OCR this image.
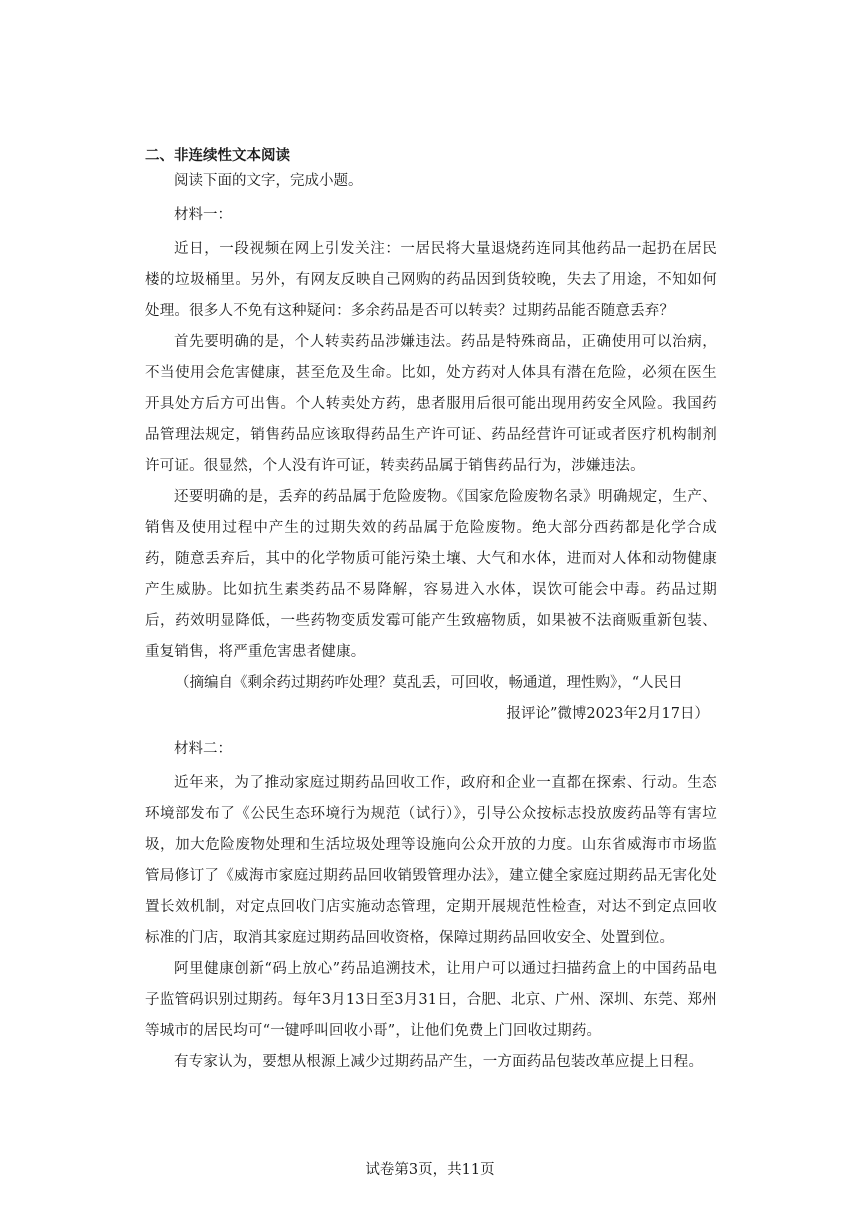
二、非连续性文本阅读

阅读下面的文字，完成小题。

材料一：

近日，一段视频在网上引发关注：一居民将大量退烧药连同其他药品一起扔在居民楼的垃圾桶里。另外，有网友反映自己网购的药品因到货较晚，失去了用途，不知如何处理。很多人不免有这种疑问：多余药品是否可以转卖？过期药品能否随意丢弃？

首先要明确的是，个人转卖药品涉嫌违法。药品是特殊商品，正确使用可以治病，不当使用会危害健康，甚至危及生命。比如，处方药对人体具有潜在危险，必须在医生开具处方后方可出售。个人转卖处方药，患者服用后很可能出现用药安全风险。我国药品管理法规定，销售药品应该取得药品生产许可证、药品经营许可证或者医疗机构制剂许可证。很显然，个人没有许可证，转卖药品属于销售药品行为，涉嫌违法。

还要明确的是，丢弃的药品属于危险废物。《国家危险废物名录》明确规定，生产、销售及使用过程中产生的过期失效的药品属于危险废物。绝大部分西药都是化学合成药，随意丢弃后，其中的化学物质可能污染土壤、大气和水体，进而对人体和动物健康产生威胁。比如抗生素类药品不易降解，容易进入水体，误饮可能会中毒。药品过期后，药效明显降低，一些药物变质发霉可能产生致癌物质，如果被不法商贩重新包装、重复销售，将严重危害患者健康。

（摘编自《剩余药过期药咋处理？莫乱丢，可回收，畅通道，理性购》，“人民日

报评论”微博2023年2月17日）

材料二：

近年来，为了推动家庭过期药品回收工作，政府和企业一直都在探索、行动。生态环境部发布了《公民生态环境行为规范（试行）》，引导公众按标志投放废药品等有害垃圾，加大危险废物处理和生活垃圾处理等设施向公众开放的力度。山东省威海市市场监管局修订了《威海市家庭过期药品回收销毁管理办法》，建立健全家庭过期药品无害化处置长效机制，对定点回收门店实施动态管理，定期开展规范性检查，对达不到定点回收标准的门店，取消其家庭过期药品回收资格，保障过期药品回收安全、处置到位。

阿里健康创新“码上放心”药品追溯技术，让用户可以通过扫描药盒上的中国药品电子监管码识别过期药。每年3月13日至3月31日，合肥、北京、广州、深圳、东莞、郑州等城市的居民均可“一键呼叫回收小哥”，让他们免费上门回收过期药。

有专家认为，要想从根源上减少过期药品产生，一方面药品包装改革应提上日程。

试卷第3页，共11页
